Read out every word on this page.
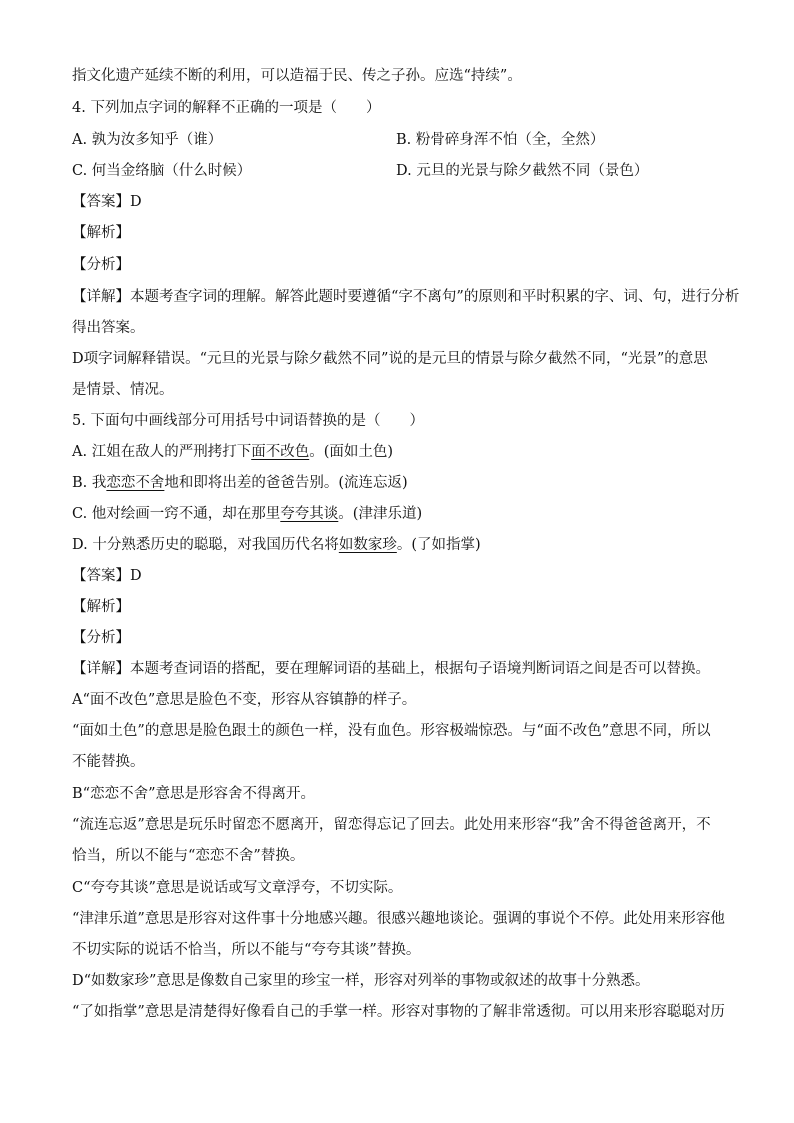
指文化遗产延续不断的利用，可以造福于民、传之子孙。应选“持续”。
4. 下列加点字词的解释不正确的一项是（　　）
A. 孰为汝多知乎（谁）	B. 粉骨碎身浑不怕（全，全然）
C. 何当金络脑（什么时候）	D. 元旦的光景与除夕截然不同（景色）
【答案】D
【解析】
【分析】
【详解】本题考查字词的理解。解答此题时要遵循“字不离句”的原则和平时积累的字、词、句，进行分析
得出答案。
D项字词解释错误。“元旦的光景与除夕截然不同”说的是元旦的情景与除夕截然不同，“光景”的意思
是情景、情况。
5. 下面句中画线部分可用括号中词语替换的是（　　）
A. 江姐在敌人的严刑拷打下面不改色。(面如土色)
B. 我恋恋不舍地和即将出差的爸爸告别。(流连忘返)
C. 他对绘画一窍不通，却在那里夸夸其谈。(津津乐道)
D. 十分熟悉历史的聪聪，对我国历代名将如数家珍。(了如指掌)
【答案】D
【解析】
【分析】
【详解】本题考查词语的搭配，要在理解词语的基础上，根据句子语境判断词语之间是否可以替换。
A“面不改色”意思是脸色不变，形容从容镇静的样子。
“面如土色”的意思是脸色跟土的颜色一样，没有血色。形容极端惊恐。与“面不改色”意思不同，所以
不能替换。
B“恋恋不舍”意思是形容舍不得离开。
“流连忘返”意思是玩乐时留恋不愿离开，留恋得忘记了回去。此处用来形容“我”舍不得爸爸离开，不
恰当，所以不能与“恋恋不舍”替换。
C“夸夸其谈”意思是说话或写文章浮夸，不切实际。
“津津乐道”意思是形容对这件事十分地感兴趣。很感兴趣地谈论。强调的事说个不停。此处用来形容他
不切实际的说话不恰当，所以不能与“夸夸其谈”替换。
D“如数家珍”意思是像数自己家里的珍宝一样，形容对列举的事物或叙述的故事十分熟悉。
“了如指掌”意思是清楚得好像看自己的手掌一样。形容对事物的了解非常透彻。可以用来形容聪聪对历
